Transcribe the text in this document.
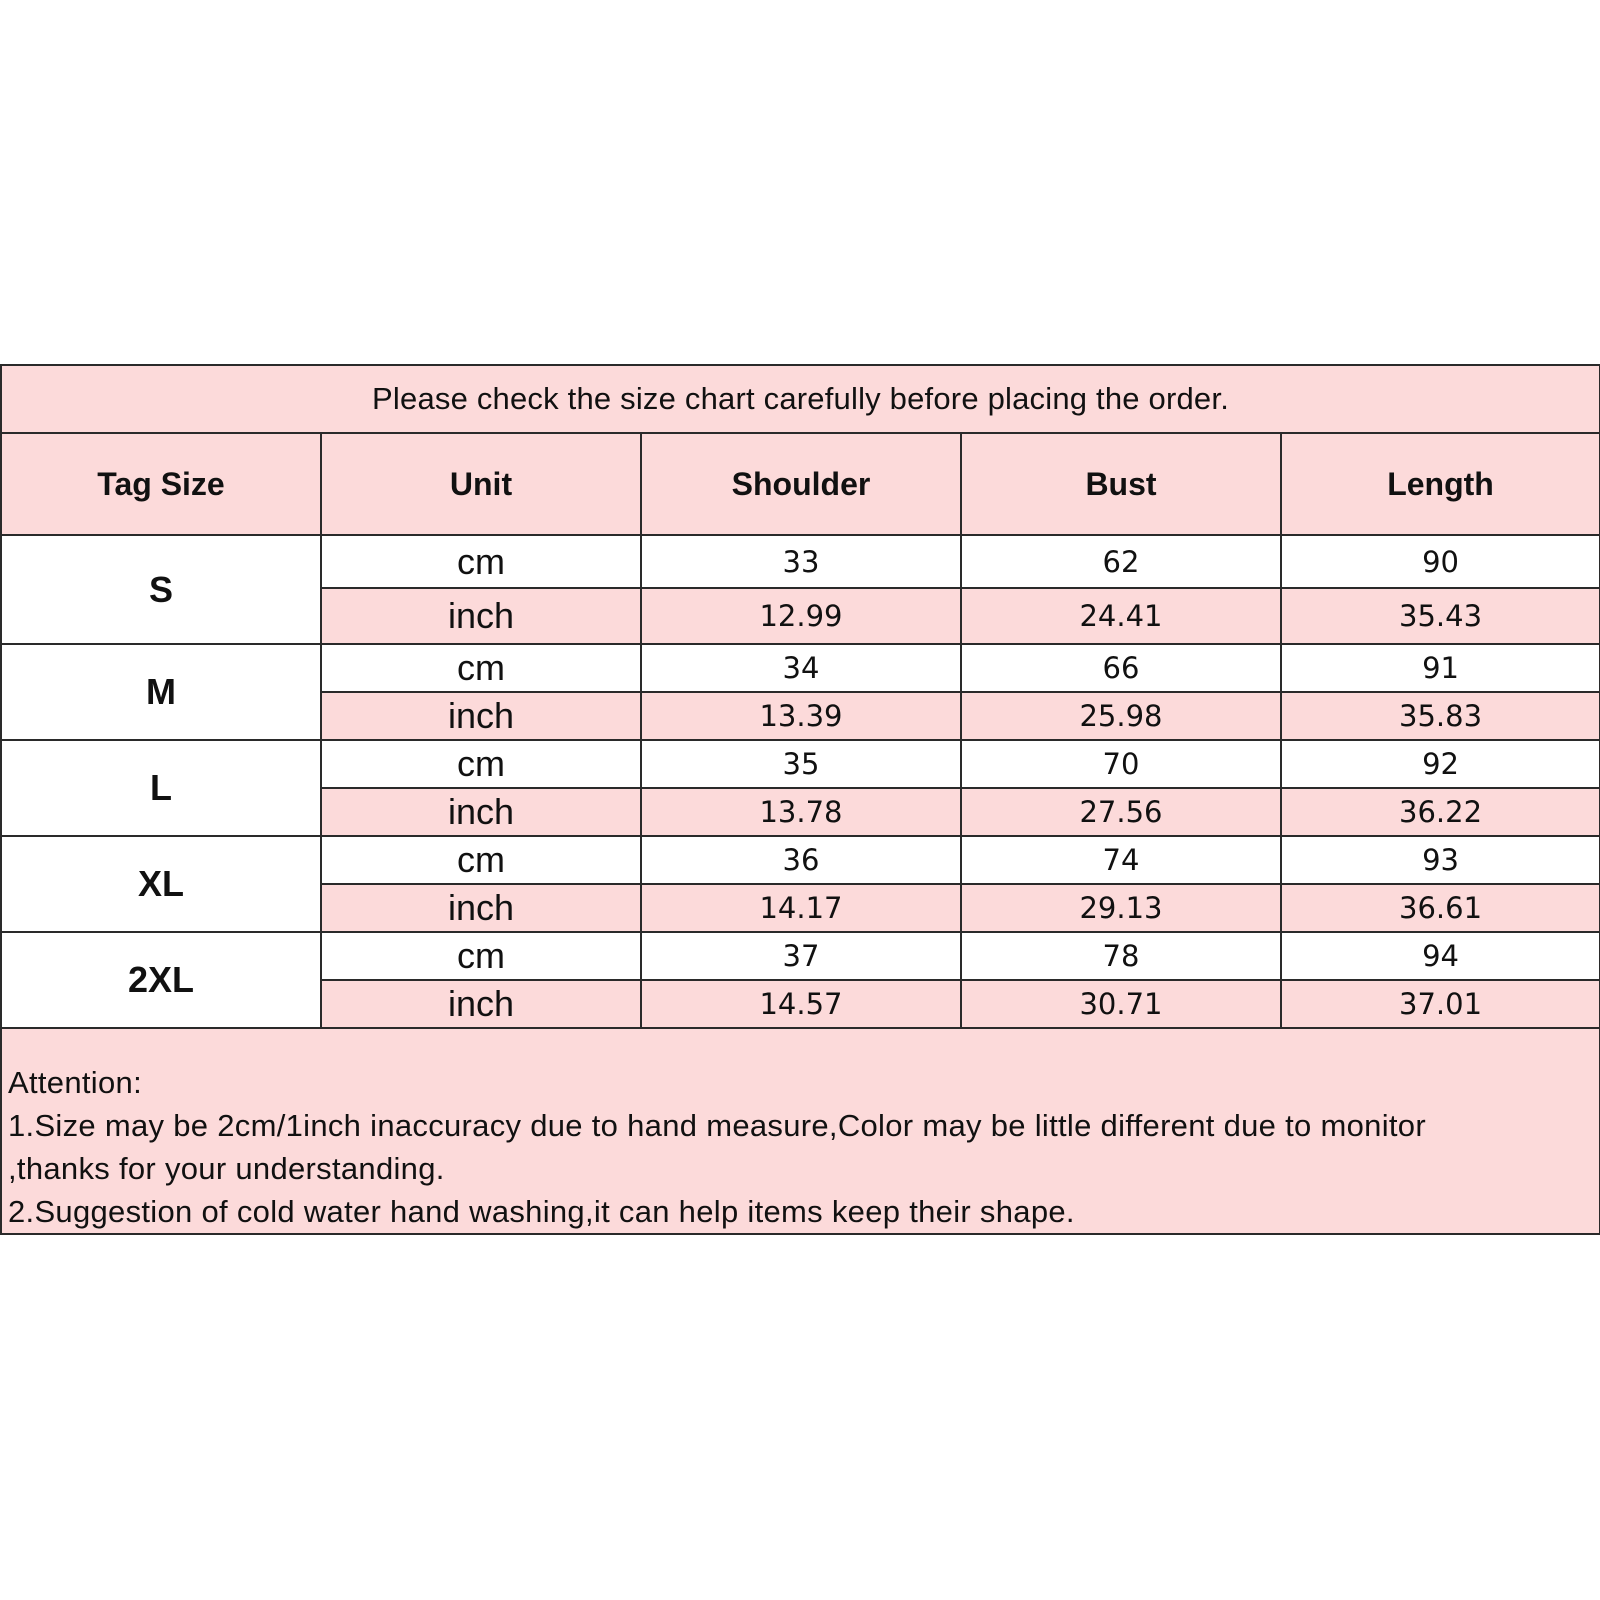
Please check the size chart carefully before placing the order.				
Tag Size	Unit	Shoulder	Bust	Length
S	cm	33	62	90
	inch	12.99	24.41	35.43
M	cm	34	66	91
	inch	13.39	25.98	35.83
L	cm	35	70	92
	inch	13.78	27.56	36.22
XL	cm	36	74	93
	inch	14.17	29.13	36.61
2XL	cm	37	78	94
	inch	14.57	30.71	37.01

Attention:
1.Size may be 2cm/1inch inaccuracy due to hand measure,Color may be little different due to monitor
,thanks for your understanding.
2.Suggestion of cold water hand washing,it can help items keep their shape.				
